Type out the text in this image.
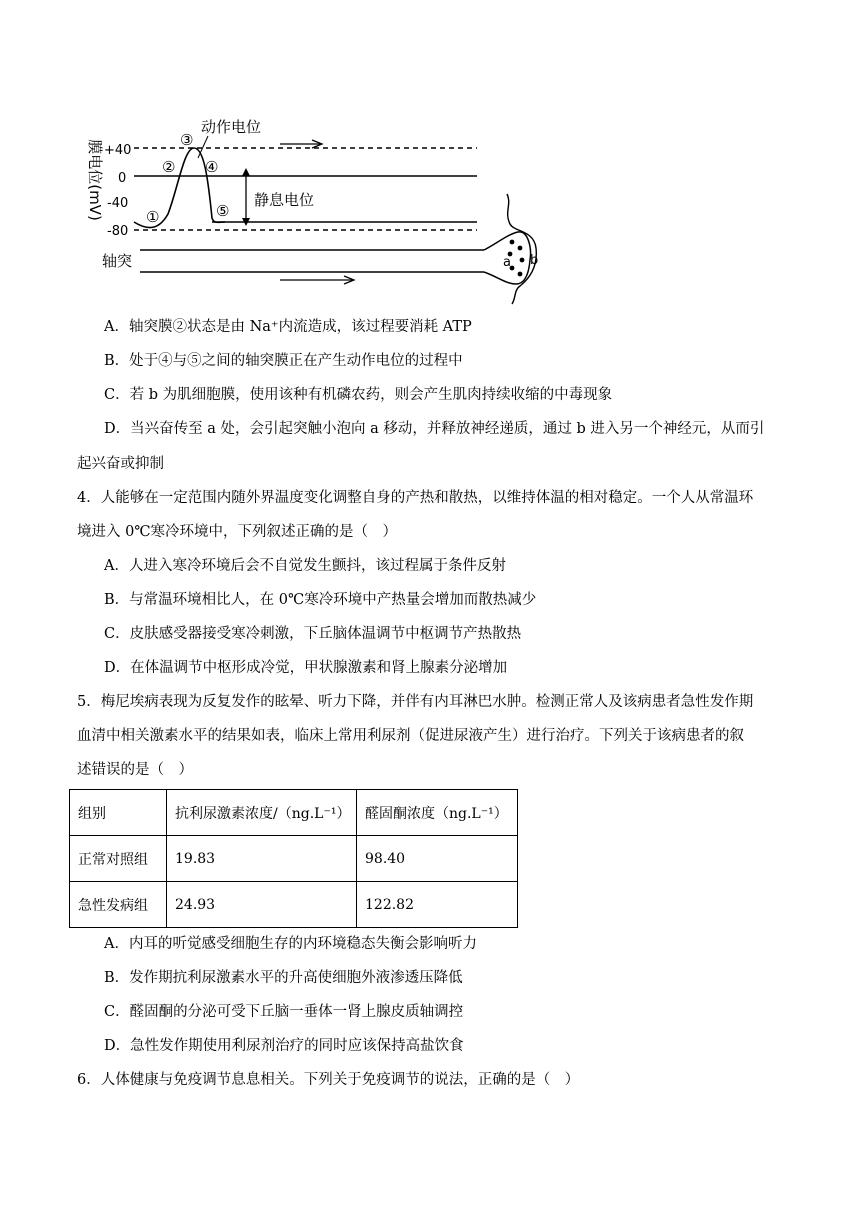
膜电位(mV) +40
0
-40
-80
①
②
③
④
⑤
动作电位
静息电位
轴突	a b
A．轴突膜②状态是由 Na⁺内流造成，该过程要消耗 ATP
B．处于④与⑤之间的轴突膜正在产生动作电位的过程中
C．若 b 为肌细胞膜，使用该种有机磷农药，则会产生肌肉持续收缩的中毒现象
D．当兴奋传至 a 处，会引起突触小泡向 a 移动，并释放神经递质，通过 b 进入另一个神经元，从而引
起兴奋或抑制
4．人能够在一定范围内随外界温度变化调整自身的产热和散热，以维持体温的相对稳定。一个人从常温环
境进入 0℃寒冷环境中，下列叙述正确的是（　）
A．人进入寒冷环境后会不自觉发生颤抖，该过程属于条件反射
B．与常温环境相比人，在 0℃寒冷环境中产热量会增加而散热减少
C．皮肤感受器接受寒冷刺激，下丘脑体温调节中枢调节产热散热
D．在体温调节中枢形成冷觉，甲状腺激素和肾上腺素分泌增加
5．梅尼埃病表现为反复发作的眩晕、听力下降，并伴有内耳淋巴水肿。检测正常人及该病患者急性发作期
血清中相关激素水平的结果如表，临床上常用利尿剂（促进尿液产生）进行治疗。下列关于该病患者的叙
述错误的是（　）
组别	抗利尿激素浓度/（ng.L⁻¹）	醛固酮浓度（ng.L⁻¹）
正常对照组	19.83	98.40
急性发病组	24.93	122.82
A．内耳的听觉感受细胞生存的内环境稳态失衡会影响听力
B．发作期抗利尿激素水平的升高使细胞外液渗透压降低
C．醛固酮的分泌可受下丘脑一垂体一肾上腺皮质轴调控
D．急性发作期使用利尿剂治疗的同时应该保持高盐饮食
6．人体健康与免疫调节息息相关。下列关于免疫调节的说法，正确的是（　）
